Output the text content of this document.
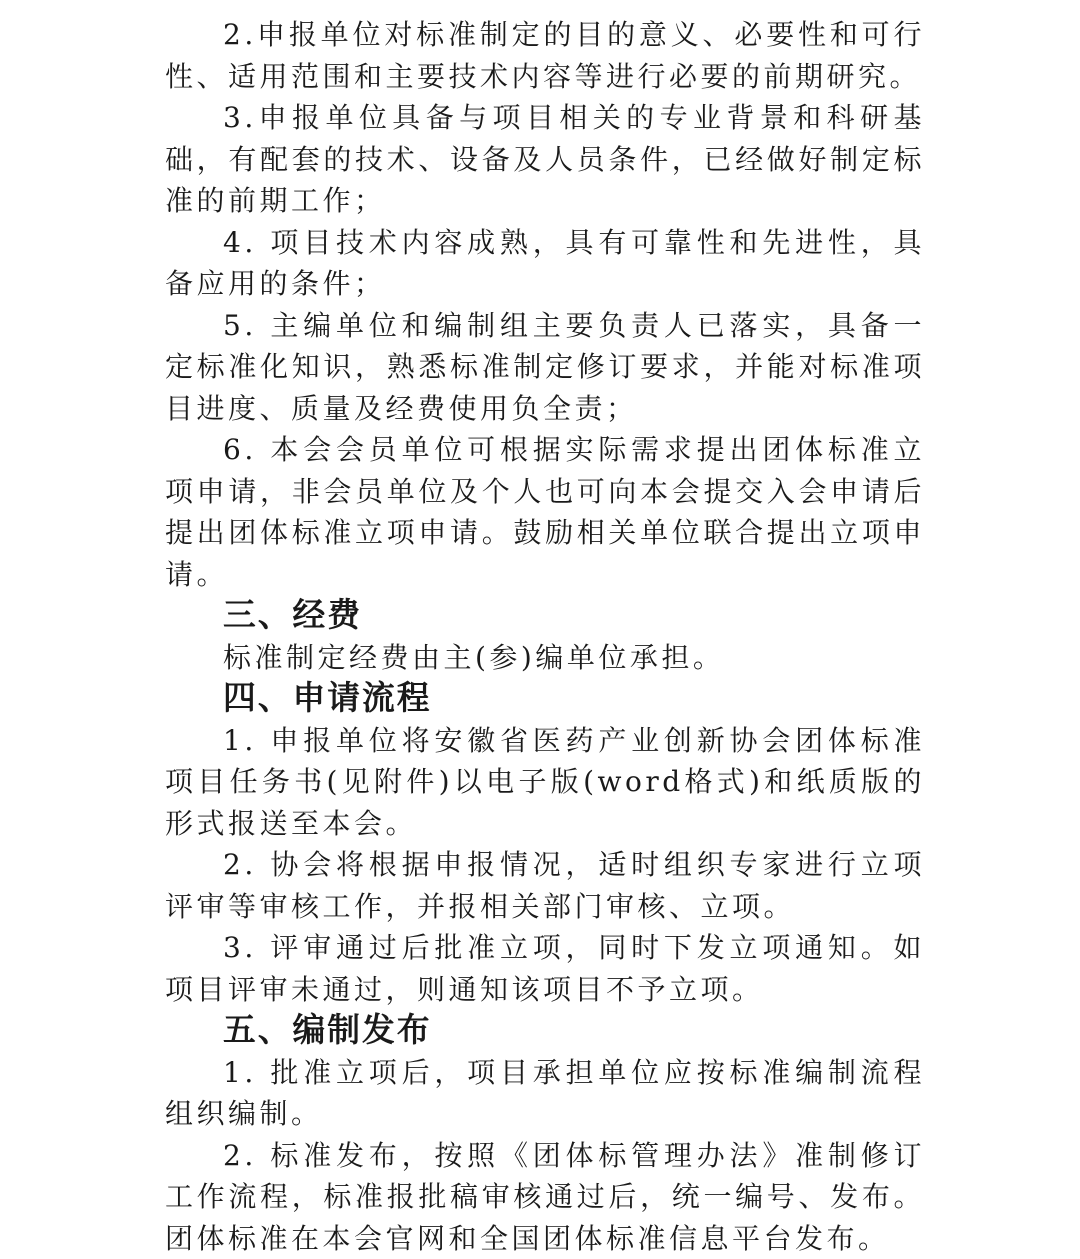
2.申报单位对标准制定的目的意义、必要性和可行性、适用范围和主要技术内容等进行必要的前期研究。

3.申报单位具备与项目相关的专业背景和科研基础，有配套的技术、设备及人员条件，已经做好制定标准的前期工作；

4. 项目技术内容成熟，具有可靠性和先进性，具备应用的条件；

5. 主编单位和编制组主要负责人已落实，具备一定标准化知识，熟悉标准制定修订要求，并能对标准项目进度、质量及经费使用负全责；

6. 本会会员单位可根据实际需求提出团体标准立项申请，非会员单位及个人也可向本会提交入会申请后提出团体标准立项申请。鼓励相关单位联合提出立项申请。

三、经费

标准制定经费由主(参)编单位承担。

四、申请流程

1. 申报单位将安徽省医药产业创新协会团体标准项目任务书(见附件)以电子版(word格式)和纸质版的形式报送至本会。

2. 协会将根据申报情况，适时组织专家进行立项评审等审核工作，并报相关部门审核、立项。

3. 评审通过后批准立项，同时下发立项通知。如项目评审未通过，则通知该项目不予立项。

五、编制发布

1. 批准立项后，项目承担单位应按标准编制流程组织编制。

2. 标准发布，按照《团体标管理办法》准制修订工作流程，标准报批稿审核通过后，统一编号、发布。团体标准在本会官网和全国团体标准信息平台发布。
